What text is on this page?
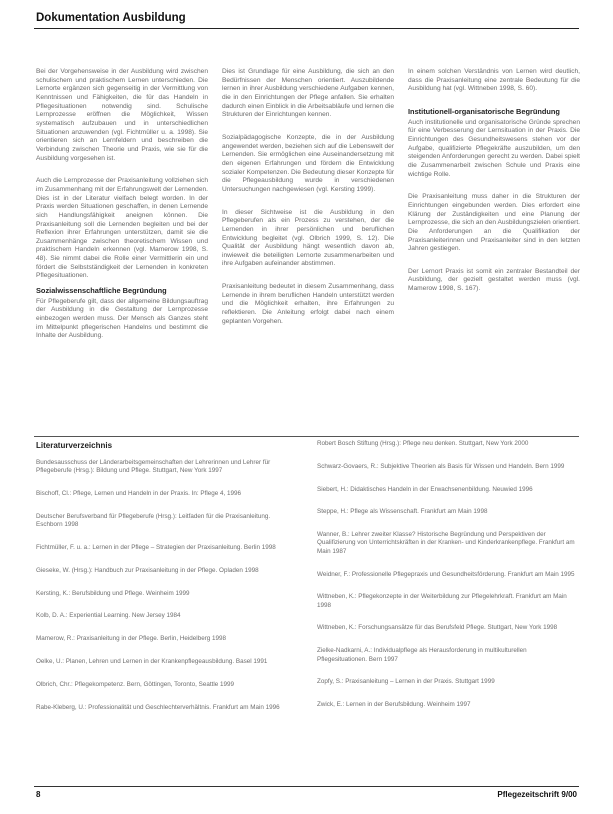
Dokumentation Ausbildung

Bei der Vorgehensweise in der Ausbildung wird zwischen schulischem und praktischem Lernen unterschieden. Die Lernorte ergänzen sich gegenseitig in der Vermittlung von Kenntnissen und Fähigkeiten, die für das Handeln in Pflegesituationen notwendig sind. Schulische Lernprozesse eröffnen die Möglichkeit, Wissen systematisch aufzubauen und in unterschiedlichen Situationen anzuwenden (vgl. Fichtmüller u. a. 1998). Sie orientieren sich an Lernfeldern und beschreiben die Verbindung zwischen Theorie und Praxis, wie sie für die Ausbildung vorgesehen ist.

Auch die Lernprozesse der Praxisanleitung vollziehen sich im Zusammenhang mit der Erfahrungswelt der Lernenden. Dies ist in der Literatur vielfach belegt worden. In der Praxis werden Situationen geschaffen, in denen Lernende sich Handlungsfähigkeit aneignen können. Die Praxisanleitung soll die Lernenden begleiten und bei der Reflexion ihrer Erfahrungen unterstützen, damit sie die Zusammenhänge zwischen theoretischem Wissen und praktischem Handeln erkennen (vgl. Mamerow 1998, S. 48). Sie nimmt dabei die Rolle einer Vermittlerin ein und fördert die Selbstständigkeit der Lernenden in konkreten Pflegesituationen.

Sozialwissenschaftliche Begründung

Für Pflegeberufe gilt, dass der allgemeine Bildungsauftrag der Ausbildung in die Gestaltung der Lernprozesse einbezogen werden muss. Der Mensch als Ganzes steht im Mittelpunkt pflegerischen Handelns und bestimmt die Inhalte der Ausbildung.

Dies ist Grundlage für eine Ausbildung, die sich an den Bedürfnissen der Menschen orientiert. Auszubildende lernen in ihrer Ausbildung verschiedene Aufgaben kennen, die in den Einrichtungen der Pflege anfallen. Sie erhalten dadurch einen Einblick in die Arbeitsabläufe und lernen die Strukturen der Einrichtungen kennen.

Sozialpädagogische Konzepte, die in der Ausbildung angewendet werden, beziehen sich auf die Lebenswelt der Lernenden. Sie ermöglichen eine Auseinandersetzung mit den eigenen Erfahrungen und fördern die Entwicklung sozialer Kompetenzen. Die Bedeutung dieser Konzepte für die Pflegeausbildung wurde in verschiedenen Untersuchungen nachgewiesen (vgl. Kersting 1999).

In dieser Sichtweise ist die Ausbildung in den Pflegeberufen als ein Prozess zu verstehen, der die Lernenden in ihrer persönlichen und beruflichen Entwicklung begleitet (vgl. Olbrich 1999, S. 12). Die Qualität der Ausbildung hängt wesentlich davon ab, inwieweit die beteiligten Lernorte zusammenarbeiten und ihre Aufgaben aufeinander abstimmen.

Praxisanleitung bedeutet in diesem Zusammenhang, dass Lernende in ihrem beruflichen Handeln unterstützt werden und die Möglichkeit erhalten, ihre Erfahrungen zu reflektieren. Die Anleitung erfolgt dabei nach einem geplanten Vorgehen.

In einem solchen Verständnis von Lernen wird deutlich, dass die Praxisanleitung eine zentrale Bedeutung für die Ausbildung hat (vgl. Wittneben 1998, S. 60).

Institutionell-organisatorische Begründung

Auch institutionelle und organisatorische Gründe sprechen für eine Verbesserung der Lernsituation in der Praxis. Die Einrichtungen des Gesundheitswesens stehen vor der Aufgabe, qualifizierte Pflegekräfte auszubilden, um den steigenden Anforderungen gerecht zu werden. Dabei spielt die Zusammenarbeit zwischen Schule und Praxis eine wichtige Rolle.

Die Praxisanleitung muss daher in die Strukturen der Einrichtungen eingebunden werden. Dies erfordert eine Klärung der Zuständigkeiten und eine Planung der Lernprozesse, die sich an den Ausbildungszielen orientiert. Die Anforderungen an die Qualifikation der Praxisanleiterinnen und Praxisanleiter sind in den letzten Jahren gestiegen.

Der Lernort Praxis ist somit ein zentraler Bestandteil der Ausbildung, der gezielt gestaltet werden muss (vgl. Mamerow 1998, S. 167).

Literaturverzeichnis

Bundesausschuss der Länderarbeitsgemeinschaften der Lehrerinnen und Lehrer für Pflegeberufe (Hrsg.): Bildung und Pflege. Stuttgart, New York 1997

Bischoff, Cl.: Pflege, Lernen und Handeln in der Praxis. In: Pflege 4, 1996

Deutscher Berufsverband für Pflegeberufe (Hrsg.): Leitfaden für die Praxisanleitung. Eschborn 1998

Fichtmüller, F. u. a.: Lernen in der Pflege – Strategien der Praxisanleitung. Berlin 1998

Gieseke, W. (Hrsg.): Handbuch zur Praxisanleitung in der Pflege. Opladen 1998

Kersting, K.: Berufsbildung und Pflege. Weinheim 1999

Kolb, D. A.: Experiential Learning. New Jersey 1984

Mamerow, R.: Praxisanleitung in der Pflege. Berlin, Heidelberg 1998

Oelke, U.: Planen, Lehren und Lernen in der Krankenpflegeausbildung. Basel 1991

Olbrich, Chr.: Pflegekompetenz. Bern, Göttingen, Toronto, Seattle 1999

Rabe-Kleberg, U.: Professionalität und Geschlechterverhältnis. Frankfurt am Main 1996

Robert Bosch Stiftung (Hrsg.): Pflege neu denken. Stuttgart, New York 2000

Schwarz-Govaers, R.: Subjektive Theorien als Basis für Wissen und Handeln. Bern 1999

Siebert, H.: Didaktisches Handeln in der Erwachsenenbildung. Neuwied 1996

Steppe, H.: Pflege als Wissenschaft. Frankfurt am Main 1998

Wanner, B.: Lehrer zweiter Klasse? Historische Begründung und Perspektiven der Qualifizierung von Unterrichtskräften in der Kranken- und Kinderkrankenpflege. Frankfurt am Main 1987

Weidner, F.: Professionelle Pflegepraxis und Gesundheitsförderung. Frankfurt am Main 1995

Wittneben, K.: Pflegekonzepte in der Weiterbildung zur Pflegelehrkraft. Frankfurt am Main 1998

Wittneben, K.: Forschungsansätze für das Berufsfeld Pflege. Stuttgart, New York 1998

Zielke-Nadkarni, A.: Individualpflege als Herausforderung in multikulturellen Pflegesituationen. Bern 1997

Zopfy, S.: Praxisanleitung – Lernen in der Praxis. Stuttgart 1999

Zwick, E.: Lernen in der Berufsbildung. Weinheim 1997

8	Pflegezeitschrift 9/00
